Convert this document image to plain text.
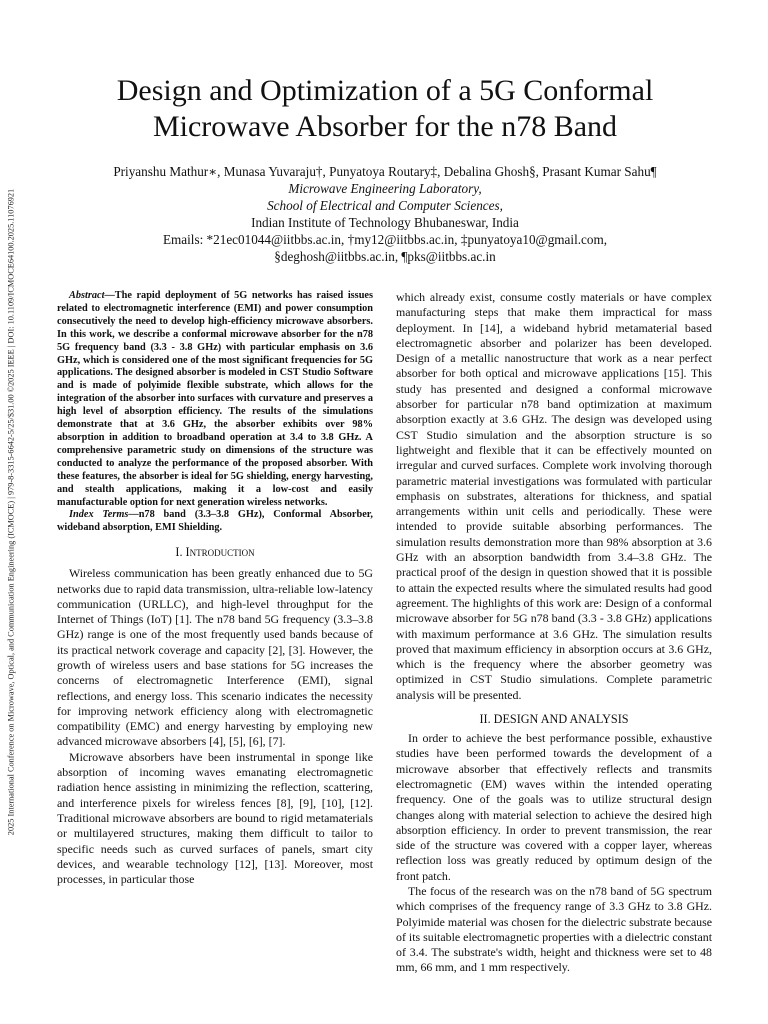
2025 International Conference on Microwave, Optical, and Communication Engineering (ICMOCE) | 979-8-3315-6642-5/25/$31.00 ©2025 IEEE | DOI: 10.1109/ICMOCE64100.2025.11076921
Design and Optimization of a 5G Conformal
Microwave Absorber for the n78 Band
Priyanshu Mathur∗, Munasa Yuvaraju†, Punyatoya Routary‡, Debalina Ghosh§, Prasant Kumar Sahu¶
Microwave Engineering Laboratory,
School of Electrical and Computer Sciences,
Indian Institute of Technology Bhubaneswar, India
Emails: *21ec01044@iitbbs.ac.in, †my12@iitbbs.ac.in, ‡punyatoya10@gmail.com,
§deghosh@iitbbs.ac.in, ¶pks@iitbbs.ac.in

Abstract—The rapid deployment of 5G networks has raised issues related to electromagnetic interference (EMI) and power consumption consecutively the need to develop high-efficiency microwave absorbers. In this work, we describe a conformal microwave absorber for the n78 5G frequency band (3.3 - 3.8 GHz) with particular emphasis on 3.6 GHz, which is considered one of the most significant frequencies for 5G applications. The designed absorber is modeled in CST Studio Software and is made of polyimide flexible substrate, which allows for the integration of the absorber into surfaces with curvature and preserves a high level of absorption efficiency. The results of the simulations demonstrate that at 3.6 GHz, the absorber exhibits over 98% absorption in addition to broadband operation at 3.4 to 3.8 GHz. A comprehensive parametric study on dimensions of the structure was conducted to analyze the performance of the proposed absorber. With these features, the absorber is ideal for 5G shielding, energy harvesting, and stealth applications, making it a low-cost and easily manufacturable option for next generation wireless networks.

Index Terms—n78 band (3.3–3.8 GHz), Conformal Absorber, wideband absorption, EMI Shielding.

I. Introduction

Wireless communication has been greatly enhanced due to 5G networks due to rapid data transmission, ultra-reliable low-latency communication (URLLC), and high-level throughput for the Internet of Things (IoT) [1]. The n78 band 5G frequency (3.3–3.8 GHz) range is one of the most frequently used bands because of its practical network coverage and capacity [2], [3]. However, the growth of wireless users and base stations for 5G increases the concerns of electromagnetic Interference (EMI), signal reflections, and energy loss. This scenario indicates the necessity for improving network efficiency along with electromagnetic compatibility (EMC) and energy harvesting by employing new advanced microwave absorbers [4], [5], [6], [7].

Microwave absorbers have been instrumental in sponge like absorption of incoming waves emanating electromagnetic radiation hence assisting in minimizing the reflection, scattering, and interference pixels for wireless fences [8], [9], [10], [12]. Traditional microwave absorbers are bound to rigid metamaterials or multilayered structures, making them difficult to tailor to specific needs such as curved surfaces of panels, smart city devices, and wearable technology [12], [13]. Moreover, most processes, in particular those

which already exist, consume costly materials or have complex manufacturing steps that make them impractical for mass deployment. In [14], a wideband hybrid metamaterial based electromagnetic absorber and polarizer has been developed. Design of a metallic nanostructure that work as a near perfect absorber for both optical and microwave applications [15]. This study has presented and designed a conformal microwave absorber for particular n78 band optimization at maximum absorption exactly at 3.6 GHz. The design was developed using CST Studio simulation and the absorption structure is so lightweight and flexible that it can be effectively mounted on irregular and curved surfaces. Complete work involving thorough parametric material investigations was formulated with particular emphasis on substrates, alterations for thickness, and spatial arrangements within unit cells and periodically. These were intended to provide suitable absorbing performances. The simulation results demonstration more than 98% absorption at 3.6 GHz with an absorption bandwidth from 3.4–3.8 GHz. The practical proof of the design in question showed that it is possible to attain the expected results where the simulated results had good agreement. The highlights of this work are: Design of a conformal microwave absorber for 5G n78 band (3.3 - 3.8 GHz) applications with maximum performance at 3.6 GHz. The simulation results proved that maximum efficiency in absorption occurs at 3.6 GHz, which is the frequency where the absorber geometry was optimized in CST Studio simulations. Complete parametric analysis will be presented.

II. DESIGN AND ANALYSIS

In order to achieve the best performance possible, exhaustive studies have been performed towards the development of a microwave absorber that effectively reflects and transmits electromagnetic (EM) waves within the intended operating frequency. One of the goals was to utilize structural design changes along with material selection to achieve the desired high absorption efficiency. In order to prevent transmission, the rear side of the structure was covered with a copper layer, whereas reflection loss was greatly reduced by optimum design of the front patch.

The focus of the research was on the n78 band of 5G spectrum which comprises of the frequency range of 3.3 GHz to 3.8 GHz. Polyimide material was chosen for the dielectric substrate because of its suitable electromagnetic properties with a dielectric constant of 3.4. The substrate's width, height and thickness were set to 48 mm, 66 mm, and 1 mm respectively.
